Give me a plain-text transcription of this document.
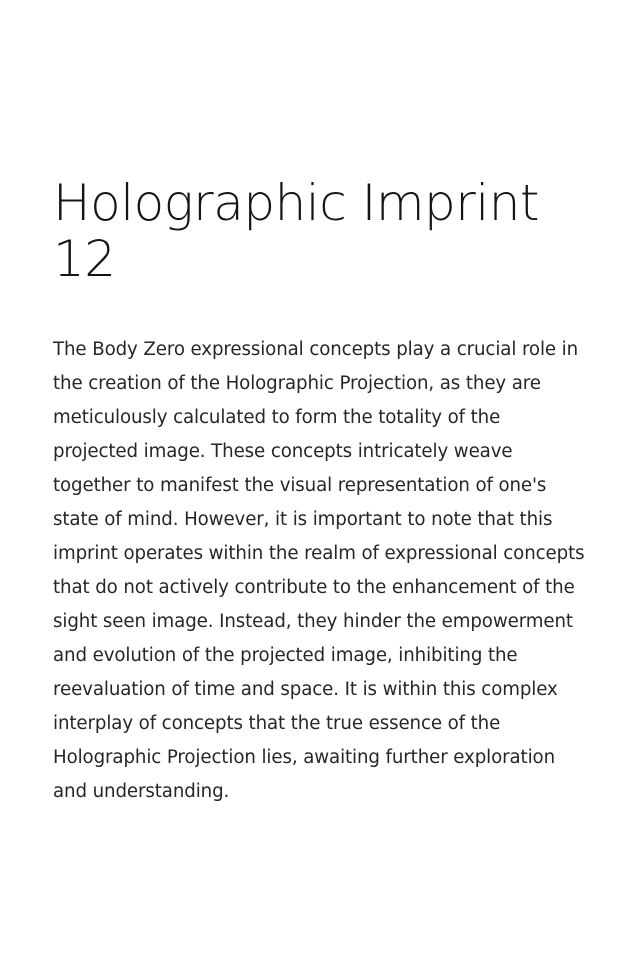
Holographic Imprint 12

The Body Zero expressional concepts play a crucial role in the creation of the Holographic Projection, as they are meticulously calculated to form the totality of the projected image. These concepts intricately weave together to manifest the visual representation of one's state of mind. However, it is important to note that this imprint operates within the realm of expressional concepts that do not actively contribute to the enhancement of the sight seen image. Instead, they hinder the empowerment and evolution of the projected image, inhibiting the reevaluation of time and space. It is within this complex interplay of concepts that the true essence of the Holographic Projection lies, awaiting further exploration and understanding.
